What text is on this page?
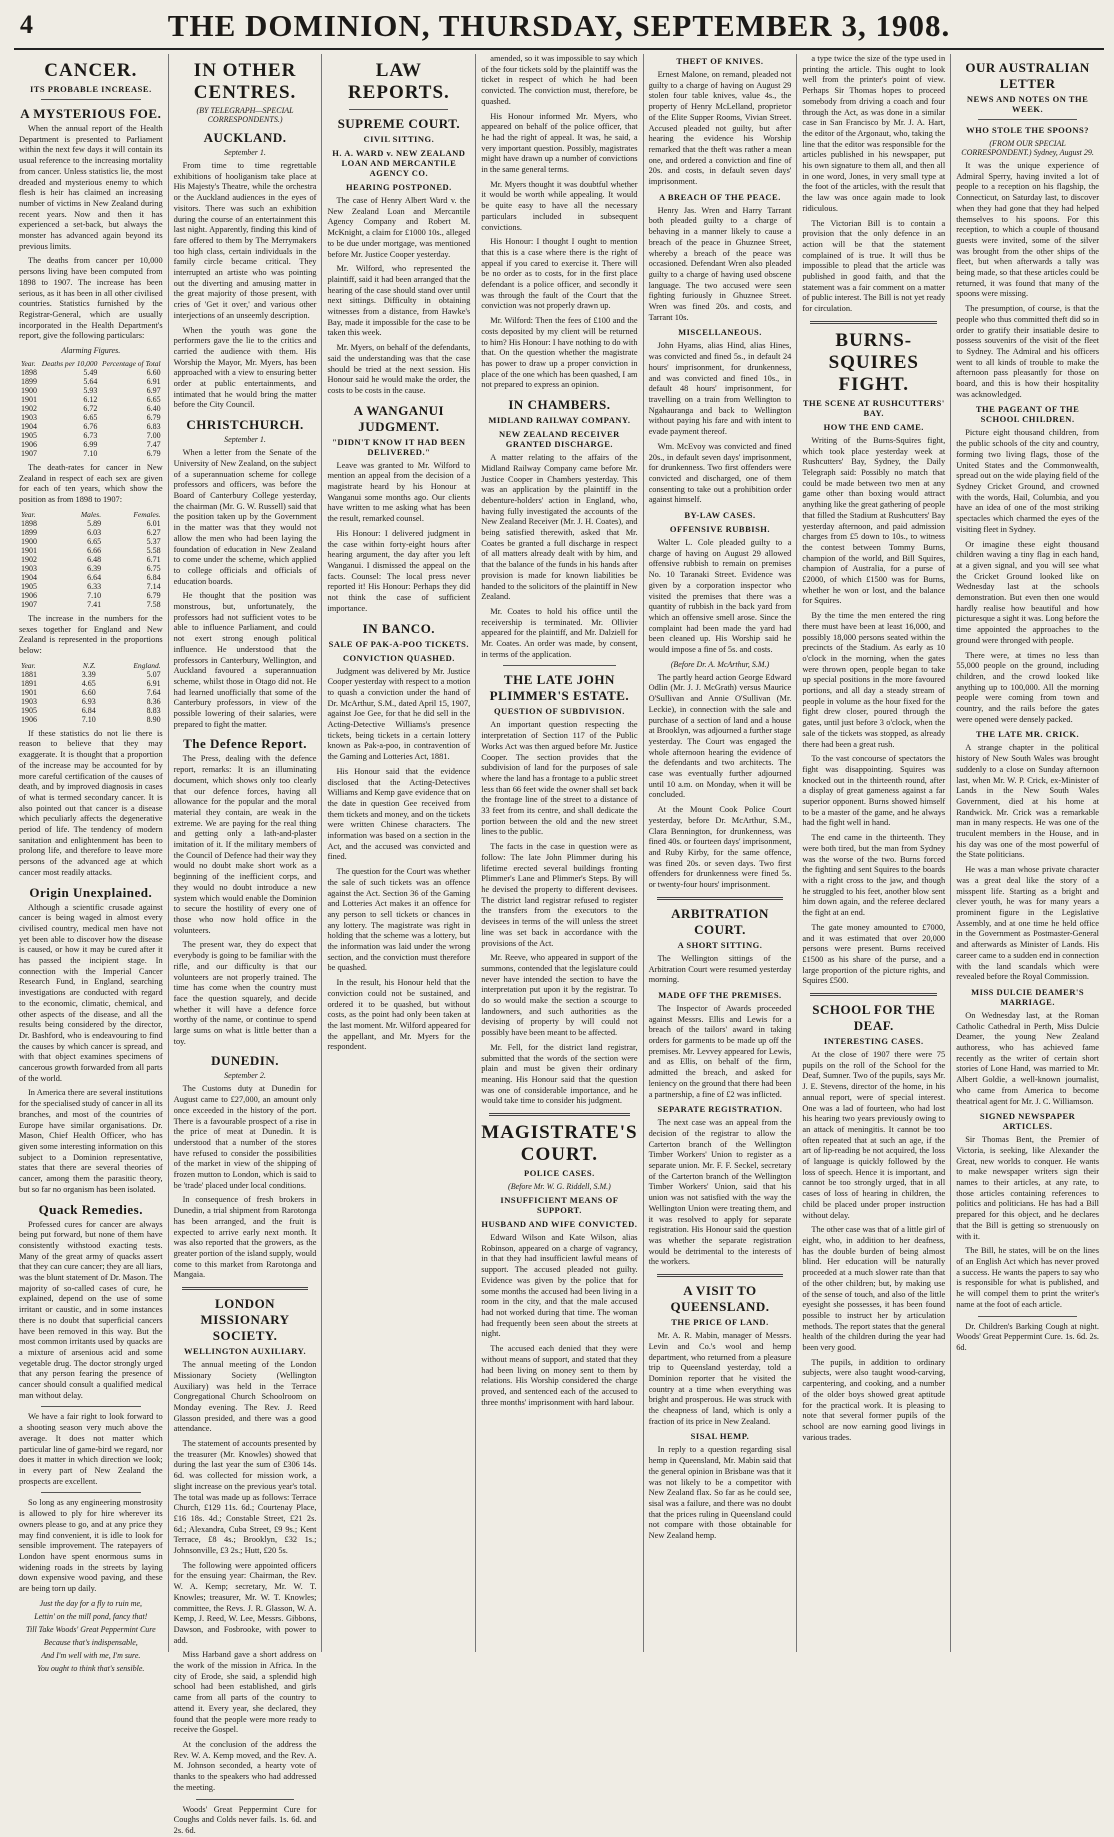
4	THE DOMINION, THURSDAY, SEPTEMBER 3, 1908.
CANCER.
ITS PROBABLE INCREASE.
A MYSTERIOUS FOE.

When the annual report of the Health Department is presented to Parliament within the next few days it will contain its usual reference to the increasing mortality from cancer. Unless statistics lie, the most dreaded and mysterious enemy to which flesh is heir has claimed an increasing number of victims in New Zealand during recent years. Now and then it has experienced a set-back, but always the monster has advanced again beyond its previous limits.

The deaths from cancer per 10,000 persons living have been computed from 1898 to 1907. The increase has been serious, as it has been in all other civilised countries. Statistics furnished by the Registrar-General, which are usually incorporated in the Health Department's report, give the following particulars:

Alarming Figures.
Year.	Deaths per 10,000	Percentage of Total
1898	5.49	6.60
1899	5.64	6.91
1900	5.93	6.97
1901	6.12	6.65
1902	6.72	6.40
1903	6.65	6.79
1904	6.76	6.83
1905	6.73	7.00
1906	6.99	7.47
1907	7.10	6.79

The death-rates for cancer in New Zealand in respect of each sex are given for each of ten years, which show the position as from 1898 to 1907:

Year.	Males.	Females.
1898	5.89	6.01
1899	6.03	6.27
1900	6.65	5.37
1901	6.66	5.58
1902	6.48	6.71
1903	6.39	6.75
1904	6.64	6.84
1905	6.33	7.14
1906	7.10	6.79
1907	7.41	7.58

The increase in the numbers for the sexes together for England and New Zealand is represented in the proportions below:

Year.	N.Z.	England.
1881	3.39	5.07
1891	4.65	6.91
1901	6.60	7.64
1903	6.93	8.36
1905	6.84	8.83
1906	7.10	8.90

If these statistics do not lie there is reason to believe that they may exaggerate. It is thought that a proportion of the increase may be accounted for by more careful certification of the causes of death, and by improved diagnosis in cases of what is termed secondary cancer. It is also pointed out that cancer is a disease which peculiarly affects the degenerative period of life. The tendency of modern sanitation and enlightenment has been to prolong life, and therefore to leave more persons of the advanced age at which cancer most readily attacks.

Origin Unexplained.

Although a scientific crusade against cancer is being waged in almost every civilised country, medical men have not yet been able to discover how the disease is caused, or how it may be cured after it has passed the incipient stage. In connection with the Imperial Cancer Research Fund, in England, searching investigations are conducted with regard to the economic, climatic, chemical, and other aspects of the disease, and all the results being considered by the director, Dr. Bashford, who is endeavouring to find the causes by which cancer is spread, and with that object examines specimens of cancerous growth forwarded from all parts of the world.

In America there are several institutions for the specialised study of cancer in all its branches, and most of the countries of Europe have similar organisations. Dr. Mason, Chief Health Officer, who has given some interesting information on this subject to a Dominion representative, states that there are several theories of cancer, among them the parasitic theory, but so far no organism has been isolated.

Quack Remedies.

Professed cures for cancer are always being put forward, but none of them have consistently withstood exacting tests. Many of the great army of quacks assert that they can cure cancer; they are all liars, was the blunt statement of Dr. Mason. The majority of so-called cases of cure, he explained, depend on the use of some irritant or caustic, and in some instances there is no doubt that superficial cancers have been removed in this way. But the most common irritants used by quacks are a mixture of arsenious acid and some vegetable drug. The doctor strongly urged that any person fearing the presence of cancer should consult a qualified medical man without delay.

We have a fair right to look forward to a shooting season very much above the average. It does not matter which particular line of game-bird we regard, nor does it matter in which direction we look; in every part of New Zealand the prospects are excellent.

So long as any engineering monstrosity is allowed to ply for hire wherever its owners please to go, and at any price they may find convenient, it is idle to look for sensible improvement. The ratepayers of London have spent enormous sums in widening roads in the streets by laying down expensive wood paving, and these are being torn up daily.

Just the day for a fly to ruin me,
Lettin' on the mill pond, fancy that!
Till Take Woods' Great Peppermint Cure
Because that's indispensable,
And I'm well with me, I'm sure.
You ought to think that's sensible.
IN OTHER CENTRES.
(BY TELEGRAPH—SPECIAL CORRESPONDENTS.)
AUCKLAND.
September 1.

From time to time regrettable exhibitions of hooliganism take place at His Majesty's Theatre, while the orchestra or the Auckland audiences in the eyes of visitors. There was such an exhibition during the course of an entertainment this last night. Apparently, finding this kind of fare offered to them by The Merrymakers too high class, certain individuals in the family circle became critical. They interrupted an artiste who was pointing out the diverting and amusing matter in the great majority of those present, with cries of 'Get it over,' and various other interjections of an unseemly description.

When the youth was gone the performers gave the lie to the critics and carried the audience with them. His Worship the Mayor, Mr. Myers, has been approached with a view to ensuring better order at public entertainments, and intimated that he would bring the matter before the City Council.

CHRISTCHURCH.
September 1.

When a letter from the Senate of the University of New Zealand, on the subject of a superannuation scheme for college professors and officers, was before the Board of Canterbury College yesterday, the chairman (Mr. G. W. Russell) said that the position taken up by the Government in the matter was that they would not allow the men who had been laying the foundation of education in New Zealand to come under the scheme, which applied to college officials and officials of education boards.

He thought that the position was monstrous, but, unfortunately, the professors had not sufficient votes to be able to influence Parliament, and could not exert strong enough political influence. He understood that the professors in Canterbury, Wellington, and Auckland favoured a superannuation scheme, whilst those in Otago did not. He had learned unofficially that some of the Canterbury professors, in view of the possible lowering of their salaries, were prepared to fight the matter.

The Defence Report.

The Press, dealing with the defence report, remarks: It is an illuminating document, which shows only too clearly that our defence forces, having all allowance for the popular and the moral material they contain, are weak in the extreme. We are paying for the real thing and getting only a lath-and-plaster imitation of it. If the military members of the Council of Defence had their way they would no doubt make short work as a beginning of the inefficient corps, and they would no doubt introduce a new system which would enable the Dominion to secure the hostility of every one of those who now hold office in the volunteers.

The present war, they do expect that everybody is going to be familiar with the rifle, and our difficulty is that our volunteers are not properly trained. The time has come when the country must face the question squarely, and decide whether it will have a defence force worthy of the name, or continue to spend large sums on what is little better than a toy.

DUNEDIN.
September 2.

The Customs duty at Dunedin for August came to £27,000, an amount only once exceeded in the history of the port. There is a favourable prospect of a rise in the price of meat at Dunedin. It is understood that a number of the stores have refused to consider the possibilities of the market in view of the shipping of frozen mutton to London, which is said to be 'trade' placed under local conditions.

In consequence of fresh brokers in Dunedin, a trial shipment from Rarotonga has been arranged, and the fruit is expected to arrive early next month. It was also reported that the growers, as the greater portion of the island supply, would come to this market from Rarotonga and Mangaia.

LONDON MISSIONARY SOCIETY.
WELLINGTON AUXILIARY.

The annual meeting of the London Missionary Society (Wellington Auxiliary) was held in the Terrace Congregational Church Schoolroom on Monday evening. The Rev. J. Reed Glasson presided, and there was a good attendance.

The statement of accounts presented by the treasurer (Mr. Knowles) showed that during the last year the sum of £306 14s. 6d. was collected for mission work, a slight increase on the previous year's total. The total was made up as follows: Terrace Church, £129 11s. 6d.; Courtenay Place, £16 18s. 4d.; Constable Street, £21 2s. 6d.; Alexandra, Cuba Street, £9 9s.; Kent Terrace, £8 4s.; Brooklyn, £32 1s.; Johnsonville, £3 2s.; Hutt, £20 5s.

The following were appointed officers for the ensuing year: Chairman, the Rev. W. A. Kemp; secretary, Mr. W. T. Knowles; treasurer, Mr. W. T. Knowles; committee, the Revs. J. R. Glasson, W. A. Kemp, J. Reed, W. Lee, Messrs. Gibbons, Dawson, and Fosbrooke, with power to add.

Miss Harband gave a short address on the work of the mission in Africa. In the city of Erode, she said, a splendid high school had been established, and girls came from all parts of the country to attend it. Every year, she declared, they found that the people were more ready to receive the Gospel.

At the conclusion of the address the Rev. W. A. Kemp moved, and the Rev. A. M. Johnson seconded, a hearty vote of thanks to the speakers who had addressed the meeting.

Woods' Great Peppermint Cure for Coughs and Colds never fails. 1s. 6d. and 2s. 6d.

LAW REPORTS.
SUPREME COURT.
CIVIL SITTING.
H. A. WARD v. NEW ZEALAND LOAN AND MERCANTILE AGENCY CO.
HEARING POSTPONED.

The case of Henry Albert Ward v. the New Zealand Loan and Mercantile Agency Company and Robert M. McKnight, a claim for £1000 10s., alleged to be due under mortgage, was mentioned before Mr. Justice Cooper yesterday.

Mr. Wilford, who represented the plaintiff, said it had been arranged that the hearing of the case should stand over until next sittings. Difficulty in obtaining witnesses from a distance, from Hawke's Bay, made it impossible for the case to be taken this week.

Mr. Myers, on behalf of the defendants, said the understanding was that the case should be tried at the next session. His Honour said he would make the order, the costs to be costs in the cause.

A WANGANUI JUDGMENT.
"DIDN'T KNOW IT HAD BEEN DELIVERED."

Leave was granted to Mr. Wilford to mention an appeal from the decision of a magistrate heard by his Honour at Wanganui some months ago. Our clients have written to me asking what has been the result, remarked counsel.

His Honour: I delivered judgment in the case within forty-eight hours after hearing argument, the day after you left Wanganui. I dismissed the appeal on the facts. Counsel: The local press never reported it! His Honour: Perhaps they did not think the case of sufficient importance.

IN BANCO.
SALE OF PAK-A-POO TICKETS.
CONVICTION QUASHED.

Judgment was delivered by Mr. Justice Cooper yesterday with respect to a motion to quash a conviction under the hand of Dr. McArthur, S.M., dated April 15, 1907, against Joe Gee, for that he did sell in the Acting-Detective Williams's presence tickets, being tickets in a certain lottery known as Pak-a-poo, in contravention of the Gaming and Lotteries Act, 1881.

His Honour said that the evidence disclosed that the Acting-Detectives Williams and Kemp gave evidence that on the date in question Gee received from them tickets and money, and on the tickets were written Chinese characters. The information was based on a section in the Act, and the accused was convicted and fined.

The question for the Court was whether the sale of such tickets was an offence against the Act. Section 36 of the Gaming and Lotteries Act makes it an offence for any person to sell tickets or chances in any lottery. The magistrate was right in holding that the scheme was a lottery, but the information was laid under the wrong section, and the conviction must therefore be quashed.

In the result, his Honour held that the conviction could not be sustained, and ordered it to be quashed, but without costs, as the point had only been taken at the last moment. Mr. Wilford appeared for the appellant, and Mr. Myers for the respondent.

amended, so it was impossible to say which of the four tickets sold by the plaintiff was the ticket in respect of which he had been convicted. The conviction must, therefore, be quashed.

His Honour informed Mr. Myers, who appeared on behalf of the police officer, that he had the right of appeal. It was, he said, a very important question. Possibly, magistrates might have drawn up a number of convictions in the same general terms.

Mr. Myers thought it was doubtful whether it would be worth while appealing. It would be quite easy to have all the necessary particulars included in subsequent convictions.

His Honour: I thought I ought to mention that this is a case where there is the right of appeal if you cared to exercise it. There will be no order as to costs, for in the first place defendant is a police officer, and secondly it was through the fault of the Court that the conviction was not properly drawn up.

Mr. Wilford: Then the fees of £100 and the costs deposited by my client will be returned to him? His Honour: I have nothing to do with that. On the question whether the magistrate has power to draw up a proper conviction in place of the one which has been quashed, I am not prepared to express an opinion.

IN CHAMBERS.
MIDLAND RAILWAY COMPANY.
NEW ZEALAND RECEIVER GRANTED DISCHARGE.

A matter relating to the affairs of the Midland Railway Company came before Mr. Justice Cooper in Chambers yesterday. This was an application by the plaintiff in the debenture-holders' action in England, who, having fully investigated the accounts of the New Zealand Receiver (Mr. J. H. Coates), and being satisfied therewith, asked that Mr. Coates be granted a full discharge in respect of all matters already dealt with by him, and that the balance of the funds in his hands after provision is made for known liabilities be handed to the solicitors of the plaintiff in New Zealand.

Mr. Coates to hold his office until the receivership is terminated. Mr. Ollivier appeared for the plaintiff, and Mr. Dalziell for Mr. Coates. An order was made, by consent, in terms of the application.

THE LATE JOHN PLIMMER'S ESTATE.
QUESTION OF SUBDIVISION.

An important question respecting the interpretation of Section 117 of the Public Works Act was then argued before Mr. Justice Cooper. The section provides that the subdivision of land for the purposes of sale where the land has a frontage to a public street less than 66 feet wide the owner shall set back the frontage line of the street to a distance of 33 feet from its centre, and shall dedicate the portion between the old and the new street lines to the public.

The facts in the case in question were as follow: The late John Plimmer during his lifetime erected several buildings fronting Plimmer's Lane and Plimmer's Steps. By will he devised the property to different devisees. The district land registrar refused to register the transfers from the executors to the devisees in terms of the will unless the street line was set back in accordance with the provisions of the Act.

Mr. Reeve, who appeared in support of the summons, contended that the legislature could never have intended the section to have the interpretation put upon it by the registrar. To do so would make the section a scourge to landowners, and such authorities as the devising of property by will could not possibly have been meant to be affected.

Mr. Fell, for the district land registrar, submitted that the words of the section were plain and must be given their ordinary meaning. His Honour said that the question was one of considerable importance, and he would take time to consider his judgment.

MAGISTRATE'S COURT.
POLICE CASES.
(Before Mr. W. G. Riddell, S.M.)
INSUFFICIENT MEANS OF SUPPORT.
HUSBAND AND WIFE CONVICTED.

Edward Wilson and Kate Wilson, alias Robinson, appeared on a charge of vagrancy, in that they had insufficient lawful means of support. The accused pleaded not guilty. Evidence was given by the police that for some months the accused had been living in a room in the city, and that the male accused had not worked during that time. The woman had frequently been seen about the streets at night.

The accused each denied that they were without means of support, and stated that they had been living on money sent to them by relations. His Worship considered the charge proved, and sentenced each of the accused to three months' imprisonment with hard labour.

THEFT OF KNIVES.

Ernest Malone, on remand, pleaded not guilty to a charge of having on August 29 stolen four table knives, value 4s., the property of Henry McLelland, proprietor of the Elite Supper Rooms, Vivian Street. Accused pleaded not guilty, but after hearing the evidence his Worship remarked that the theft was rather a mean one, and ordered a conviction and fine of 20s. and costs, in default seven days' imprisonment.

A BREACH OF THE PEACE.

Henry Jas. Wren and Harry Tarrant both pleaded guilty to a charge of behaving in a manner likely to cause a breach of the peace in Ghuznee Street, whereby a breach of the peace was occasioned. Defendant Wren also pleaded guilty to a charge of having used obscene language. The two accused were seen fighting furiously in Ghuznee Street. Wren was fined 20s. and costs, and Tarrant 10s.

MISCELLANEOUS.

John Hyams, alias Hind, alias Hines, was convicted and fined 5s., in default 24 hours' imprisonment, for drunkenness, and was convicted and fined 10s., in default 48 hours' imprisonment, for travelling on a train from Wellington to Ngahauranga and back to Wellington without paying his fare and with intent to evade payment thereof.

Wm. McEvoy was convicted and fined 20s., in default seven days' imprisonment, for drunkenness. Two first offenders were convicted and discharged, one of them consenting to take out a prohibition order against himself.

BY-LAW CASES.
OFFENSIVE RUBBISH.

Walter L. Cole pleaded guilty to a charge of having on August 29 allowed offensive rubbish to remain on premises No. 10 Taranaki Street. Evidence was given by a corporation inspector who visited the premises that there was a quantity of rubbish in the back yard from which an offensive smell arose. Since the complaint had been made the yard had been cleaned up. His Worship said he would impose a fine of 5s. and costs.

(Before Dr. A. McArthur, S.M.)

The partly heard action George Edward Odlin (Mr. J. J. McGrath) versus Maurice O'Sullivan and Annie O'Sullivan (Mr. Leckie), in connection with the sale and purchase of a section of land and a house at Brooklyn, was adjourned a further stage yesterday. The Court was engaged the whole afternoon hearing the evidence of the defendants and two architects. The case was eventually further adjourned until 10 a.m. on Monday, when it will be concluded.

At the Mount Cook Police Court yesterday, before Dr. McArthur, S.M., Clara Bennington, for drunkenness, was fined 40s. or fourteen days' imprisonment, and Ruby Kirby, for the same offence, was fined 20s. or seven days. Two first offenders for drunkenness were fined 5s. or twenty-four hours' imprisonment.

ARBITRATION COURT.
A SHORT SITTING.

The Wellington sittings of the Arbitration Court were resumed yesterday morning.

MADE OFF THE PREMISES.

The Inspector of Awards proceeded against Messrs. Ellis and Lewis for a breach of the tailors' award in taking orders for garments to be made up off the premises. Mr. Levvey appeared for Lewis, and as Ellis, on behalf of the firm, admitted the breach, and asked for leniency on the ground that there had been a partnership, a fine of £2 was inflicted.

SEPARATE REGISTRATION.

The next case was an appeal from the decision of the registrar to allow the Carterton branch of the Wellington Timber Workers' Union to register as a separate union. Mr. F. F. Seckel, secretary of the Carterton branch of the Wellington Timber Workers' Union, said that his union was not satisfied with the way the Wellington Union were treating them, and it was resolved to apply for separate registration. His Honour said the question was whether the separate registration would be detrimental to the interests of the workers.

A VISIT TO QUEENSLAND.
THE PRICE OF LAND.

Mr. A. R. Mabin, manager of Messrs. Levin and Co.'s wool and hemp department, who returned from a pleasure trip to Queensland yesterday, told a Dominion reporter that he visited the country at a time when everything was bright and prosperous. He was struck with the cheapness of land, which is only a fraction of its price in New Zealand.

SISAL HEMP.

In reply to a question regarding sisal hemp in Queensland, Mr. Mabin said that the general opinion in Brisbane was that it was not likely to be a competitor with New Zealand flax. So far as he could see, sisal was a failure, and there was no doubt that the prices ruling in Queensland could not compare with those obtainable for New Zealand hemp.

a type twice the size of the type used in printing the article. This ought to look well from the printer's point of view. Perhaps Sir Thomas hopes to proceed somebody from driving a coach and four through the Act, as was done in a similar case in San Francisco by Mr. J. A. Hart, the editor of the Argonaut, who, taking the line that the editor was responsible for the articles published in his newspaper, put his own signature to them all, and then all in one word, Jones, in very small type at the foot of the articles, with the result that the law was once again made to look ridiculous.

The Victorian Bill is to contain a provision that the only defence in an action will be that the statement complained of is true. It will thus be impossible to plead that the article was published in good faith, and that the statement was a fair comment on a matter of public interest. The Bill is not yet ready for circulation.

BURNS-SQUIRES FIGHT.
THE SCENE AT RUSHCUTTERS' BAY.
HOW THE END CAME.

Writing of the Burns-Squires fight, which took place yesterday week at Rushcutters' Bay, Sydney, the Daily Telegraph said: Possibly no match that could be made between two men at any game other than boxing would attract anything like the great gathering of people that filled the Stadium at Rushcutters' Bay yesterday afternoon, and paid admission charges from £5 down to 10s., to witness the contest between Tommy Burns, champion of the world, and Bill Squires, champion of Australia, for a purse of £2000, of which £1500 was for Burns, whether he won or lost, and the balance for Squires.

By the time the men entered the ring there must have been at least 16,000, and possibly 18,000 persons seated within the precincts of the Stadium. As early as 10 o'clock in the morning, when the gates were thrown open, people began to take up special positions in the more favoured portions, and all day a steady stream of people in volume as the hour fixed for the fight drew closer, poured through the gates, until just before 3 o'clock, when the sale of the tickets was stopped, as already there had been a great rush.

To the vast concourse of spectators the fight was disappointing. Squires was knocked out in the thirteenth round, after a display of great gameness against a far superior opponent. Burns showed himself to be a master of the game, and he always had the fight well in hand.

The end came in the thirteenth. They were both tired, but the man from Sydney was the worse of the two. Burns forced the fighting and sent Squires to the boards with a right cross to the jaw, and though he struggled to his feet, another blow sent him down again, and the referee declared the fight at an end.

The gate money amounted to £7000, and it was estimated that over 20,000 persons were present. Burns received £1500 as his share of the purse, and a large proportion of the picture rights, and Squires £500.

SCHOOL FOR THE DEAF.
INTERESTING CASES.

At the close of 1907 there were 75 pupils on the roll of the School for the Deaf, Sumner. Two of the pupils, says Mr. J. E. Stevens, director of the home, in his annual report, were of special interest. One was a lad of fourteen, who had lost his hearing two years previously owing to an attack of meningitis. It cannot be too often repeated that at such an age, if the art of lip-reading be not acquired, the loss of language is quickly followed by the loss of speech. Hence it is important, and cannot be too strongly urged, that in all cases of loss of hearing in children, the child be placed under proper instruction without delay.

The other case was that of a little girl of eight, who, in addition to her deafness, has the double burden of being almost blind. Her education will be naturally proceeded at a much slower rate than that of the other children; but, by making use of the sense of touch, and also of the little eyesight she possesses, it has been found possible to instruct her by articulation methods. The report states that the general health of the children during the year had been very good.

The pupils, in addition to ordinary subjects, were also taught wood-carving, carpentering, and cooking, and a number of the older boys showed great aptitude for the practical work. It is pleasing to note that several former pupils of the school are now earning good livings in various trades.

OUR AUSTRALIAN LETTER
NEWS AND NOTES ON THE WEEK.
WHO STOLE THE SPOONS?
(FROM OUR SPECIAL CORRESPONDENT.) Sydney, August 29.

It was the unique experience of Admiral Sperry, having invited a lot of people to a reception on his flagship, the Connecticut, on Saturday last, to discover when they had gone that they had helped themselves to his spoons. For this reception, to which a couple of thousand guests were invited, some of the silver was brought from the other ships of the fleet, but when afterwards a tally was being made, so that these articles could be returned, it was found that many of the spoons were missing.

The presumption, of course, is that the people who thus committed theft did so in order to gratify their insatiable desire to possess souvenirs of the visit of the fleet to Sydney. The Admiral and his officers went to all kinds of trouble to make the afternoon pass pleasantly for those on board, and this is how their hospitality was acknowledged.

THE PAGEANT OF THE SCHOOL CHILDREN.

Picture eight thousand children, from the public schools of the city and country, forming two living flags, those of the United States and the Commonwealth, spread out on the wide playing field of the Sydney Cricket Ground, and crowned with the words, Hail, Columbia, and you have an idea of one of the most striking spectacles which charmed the eyes of the visiting fleet in Sydney.

Or imagine these eight thousand children waving a tiny flag in each hand, at a given signal, and you will see what the Cricket Ground looked like on Wednesday last at the schools demonstration. But even then one would hardly realise how beautiful and how picturesque a sight it was. Long before the time appointed the approaches to the ground were thronged with people.

There were, at times no less than 55,000 people on the ground, including children, and the crowd looked like anything up to 100,000. All the morning people were coming from town and country, and the rails before the gates were opened were densely packed.

THE LATE MR. CRICK.

A strange chapter in the political history of New South Wales was brought suddenly to a close on Sunday afternoon last, when Mr. W. P. Crick, ex-Minister of Lands in the New South Wales Government, died at his home at Randwick. Mr. Crick was a remarkable man in many respects. He was one of the truculent members in the House, and in his day was one of the most powerful of the State politicians.

He was a man whose private character was a great deal like the story of a misspent life. Starting as a bright and clever youth, he was for many years a prominent figure in the Legislative Assembly, and at one time he held office in the Government as Postmaster-General and afterwards as Minister of Lands. His career came to a sudden end in connection with the land scandals which were revealed before the Royal Commission.

MISS DULCIE DEAMER'S MARRIAGE.

On Wednesday last, at the Roman Catholic Cathedral in Perth, Miss Dulcie Deamer, the young New Zealand authoress, who has achieved fame recently as the writer of certain short stories of Lone Hand, was married to Mr. Albert Goldie, a well-known journalist, who came from America to become theatrical agent for Mr. J. C. Williamson.

SIGNED NEWSPAPER ARTICLES.

Sir Thomas Bent, the Premier of Victoria, is seeking, like Alexander the Great, new worlds to conquer. He wants to make newspaper writers sign their names to their articles, at any rate, to those articles containing references to politics and politicians. He has had a Bill prepared for this object, and he declares that the Bill is getting so strenuously on with it.

The Bill, he states, will be on the lines of an English Act which has never proved a success. He wants the papers to say who is responsible for what is published, and he will compel them to print the writer's name at the foot of each article.

Dr. Children's Barking Cough at night. Woods' Great Peppermint Cure. 1s. 6d. 2s. 6d.
